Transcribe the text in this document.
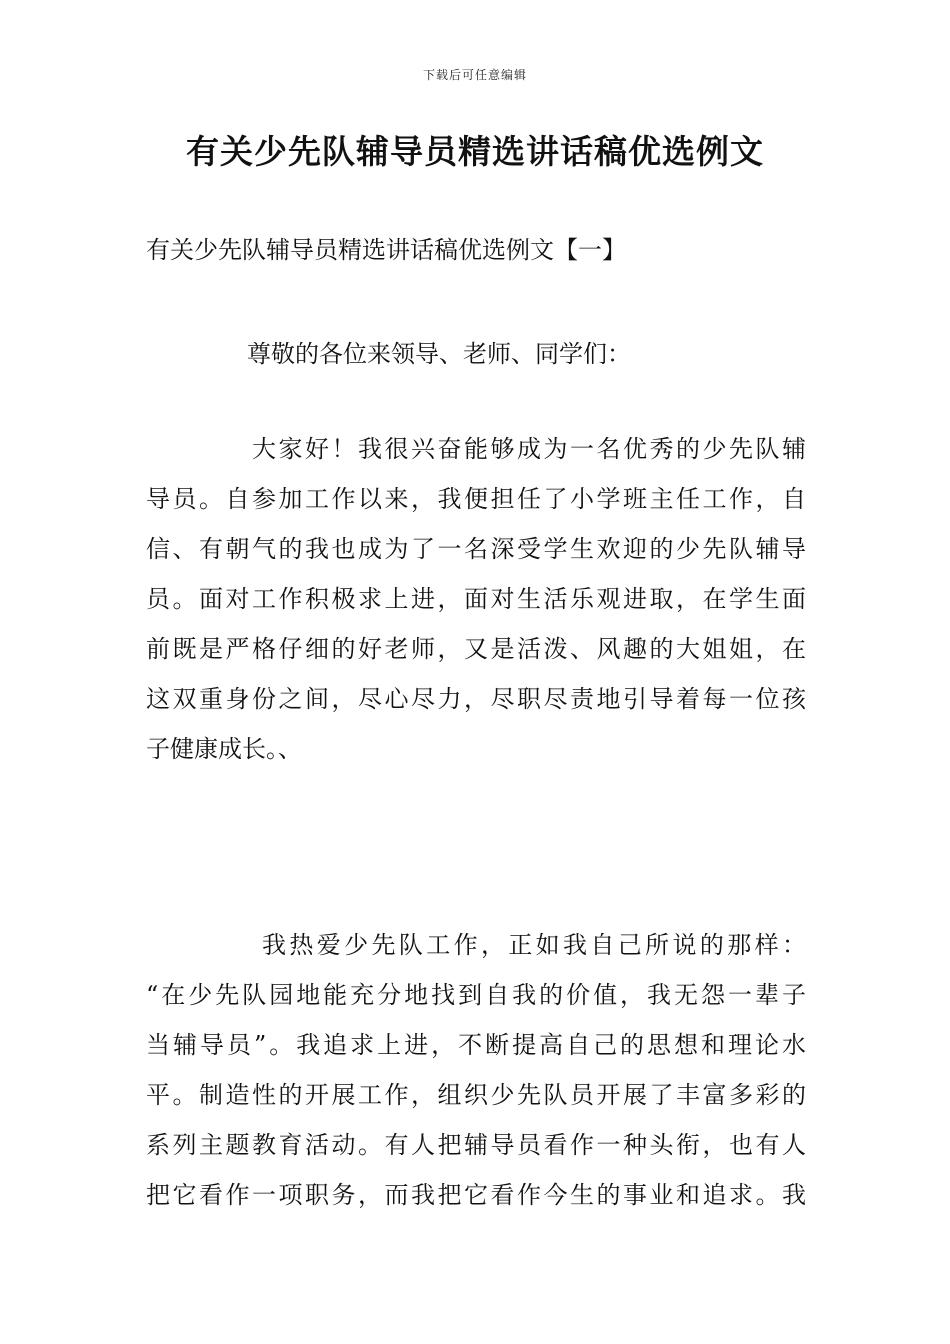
下载后可任意编辑
有关少先队辅导员精选讲话稿优选例文

有关少先队辅导员精选讲话稿优选例文【一】

尊敬的各位来领导、老师、同学们：

大家好！我很兴奋能够成为一名优秀的少先队辅
导员。自参加工作以来，我便担任了小学班主任工作，自
信、有朝气的我也成为了一名深受学生欢迎的少先队辅导
员。面对工作积极求上进，面对生活乐观进取，在学生面
前既是严格仔细的好老师，又是活泼、风趣的大姐姐，在
这双重身份之间，尽心尽力，尽职尽责地引导着每一位孩
子健康成长。、
我热爱少先队工作，正如我自己所说的那样：
“在少先队园地能充分地找到自我的价值，我无怨一辈子
当辅导员”。我追求上进，不断提高自己的思想和理论水
平。制造性的开展工作，组织少先队员开展了丰富多彩的
系列主题教育活动。有人把辅导员看作一种头衔，也有人
把它看作一项职务，而我把它看作今生的事业和追求。我
